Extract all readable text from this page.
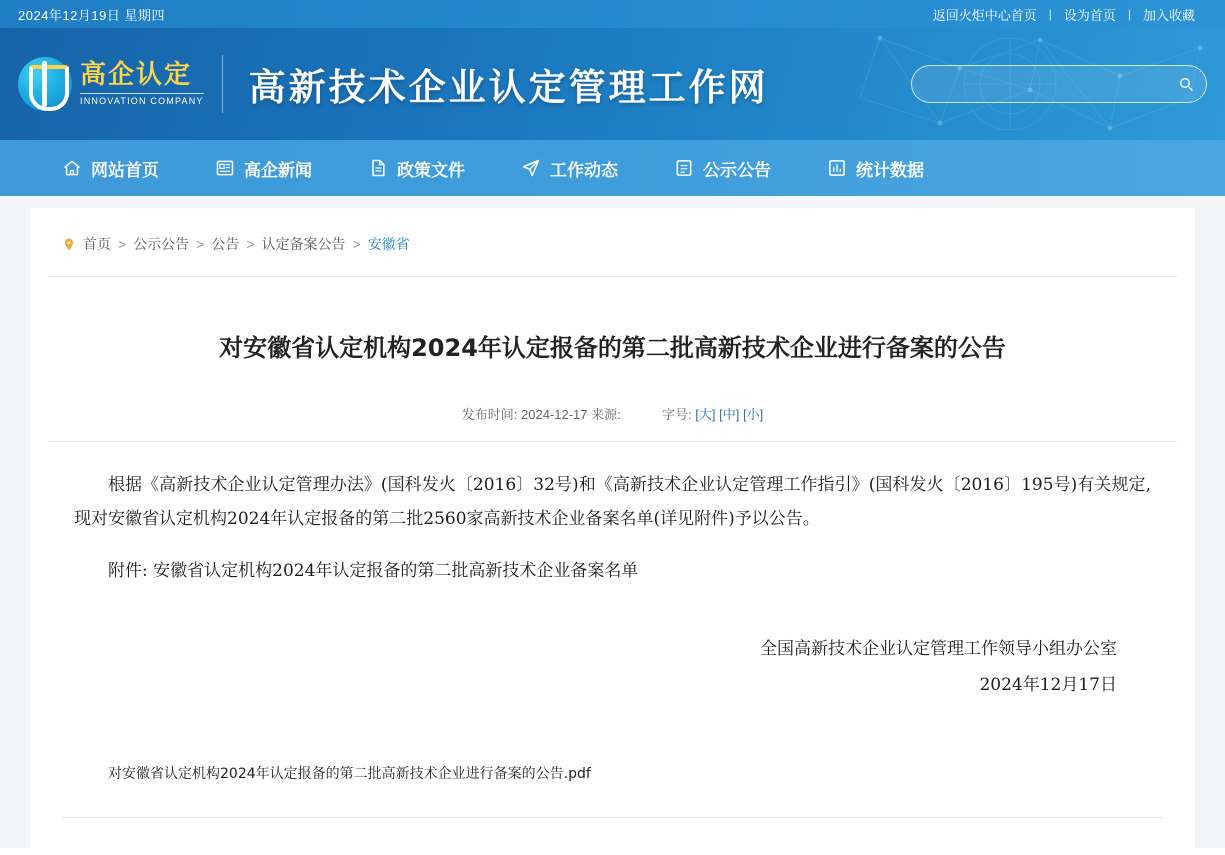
2024年12月19日 星期四	返回火炬中心首页	| 设为首页	| 加入收藏
高企认定
INNOVATION COMPANY 高新技术企业认定管理工作网
网站首页	高企新闻	政策文件	工作动态	公示公告	统计数据
首页 > 公示公告 > 公告 > 认定备案公告 > 安徽省
对安徽省认定机构2024年认定报备的第二批高新技术企业进行备案的公告
发布时间: 2024-12-17 来源:	字号: [大] [中] [小]

根据《高新技术企业认定管理办法》(国科发火〔2016〕32号)和《高新技术企业认定管理工作指引》(国科发火〔2016〕195号)有关规定,现对安徽省认定机构2024年认定报备的第二批2560家高新技术企业备案名单(详见附件)予以公告。

附件: 安徽省认定机构2024年认定报备的第二批高新技术企业备案名单

全国高新技术企业认定管理工作领导小组办公室
2024年12月17日
对安徽省认定机构2024年认定报备的第二批高新技术企业进行备案的公告.pdf
